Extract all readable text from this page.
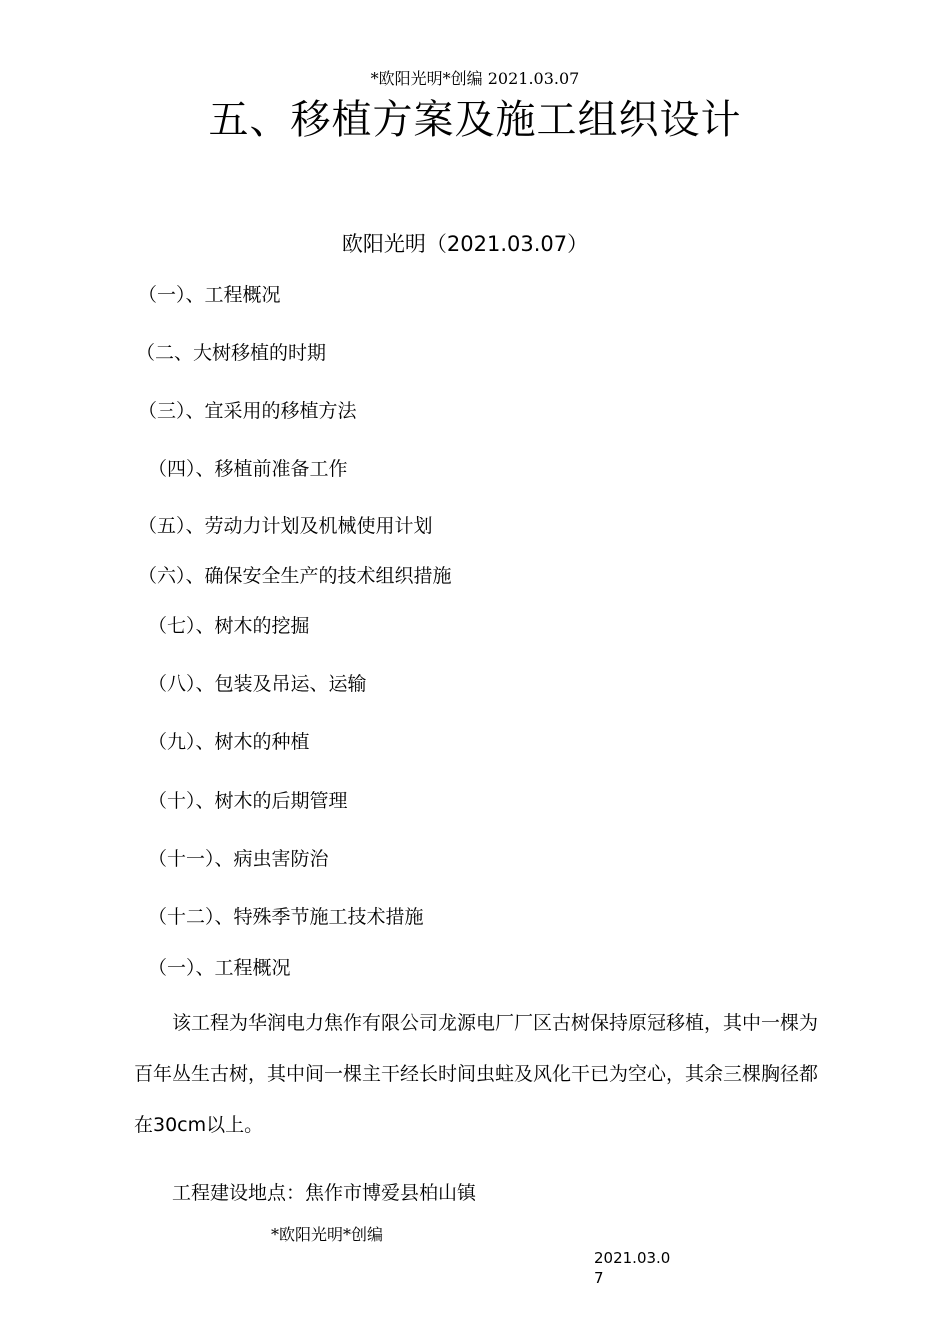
*欧阳光明*创编 2021.03.07
五、移植方案及施工组织设计
欧阳光明（2021.03.07）
（一）、工程概况
（二、大树移植的时期
（三）、宜采用的移植方法
（四）、移植前准备工作
（五）、劳动力计划及机械使用计划
（六）、确保安全生产的技术组织措施
（七）、树木的挖掘
（八）、包装及吊运、运输
（九）、树木的种植
（十）、树木的后期管理
（十一）、病虫害防治
（十二）、特殊季节施工技术措施
（一）、工程概况
该工程为华润电力焦作有限公司龙源电厂厂区古树保持原冠移植，其中一棵为百年丛生古树，其中间一棵主干经长时间虫蛀及风化干已为空心，其余三棵胸径都在30cm以上。
工程建设地点：焦作市博爱县柏山镇
*欧阳光明*创编
2021.03.07
